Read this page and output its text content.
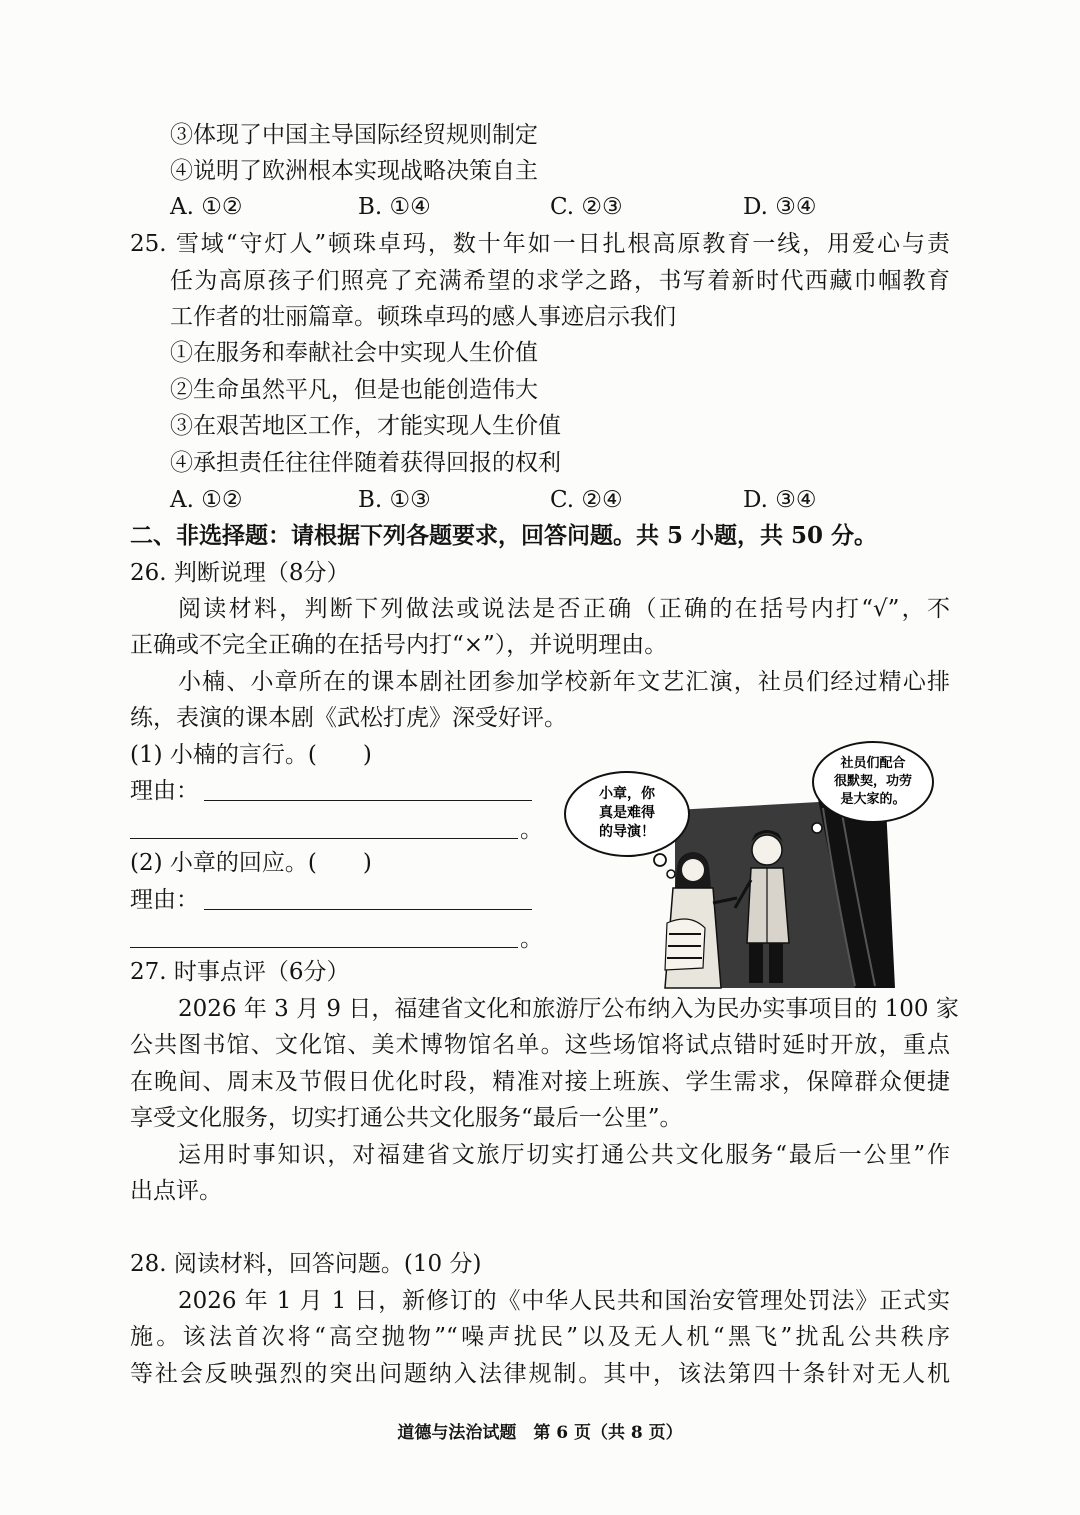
③体现了中国主导国际经贸规则制定
④说明了欧洲根本实现战略决策自主
A. ①②	B. ①④	C. ②③	D. ③④
25. 雪域“守灯人”顿珠卓玛，数十年如一日扎根高原教育一线，用爱心与责
任为高原孩子们照亮了充满希望的求学之路，书写着新时代西藏巾帼教育
工作者的壮丽篇章。顿珠卓玛的感人事迹启示我们
①在服务和奉献社会中实现人生价值
②生命虽然平凡，但是也能创造伟大
③在艰苦地区工作，才能实现人生价值
④承担责任往往伴随着获得回报的权利
A. ①②	B. ①③	C. ②④	D. ③④
二、非选择题：请根据下列各题要求，回答问题。共 5 小题，共 50 分。
26. 判断说理（8分）
阅读材料，判断下列做法或说法是否正确（正确的在括号内打“√”，不
正确或不完全正确的在括号内打“×”），并说明理由。
小楠、小章所在的课本剧社团参加学校新年文艺汇演，社员们经过精心排
练，表演的课本剧《武松打虎》深受好评。
(1) 小楠的言行。(　　)
理由：
。
(2) 小章的回应。(　　)
理由：
。
小章，你
真是难得
的导演！
社员们配合
很默契，功劳
是大家的。
27. 时事点评（6分）
2026 年 3 月 9 日，福建省文化和旅游厅公布纳入为民办实事项目的 100 家
公共图书馆、文化馆、美术博物馆名单。这些场馆将试点错时延时开放，重点
在晚间、周末及节假日优化时段，精准对接上班族、学生需求，保障群众便捷
享受文化服务，切实打通公共文化服务“最后一公里”。
运用时事知识，对福建省文旅厅切实打通公共文化服务“最后一公里”作
出点评。
28. 阅读材料，回答问题。(10 分)
2026 年 1 月 1 日，新修订的《中华人民共和国治安管理处罚法》正式实
施。该法首次将“高空抛物”“噪声扰民”以及无人机“黑飞”扰乱公共秩序
等社会反映强烈的突出问题纳入法律规制。其中，该法第四十条针对无人机
道德与法治试题　第 6 页（共 8 页）
